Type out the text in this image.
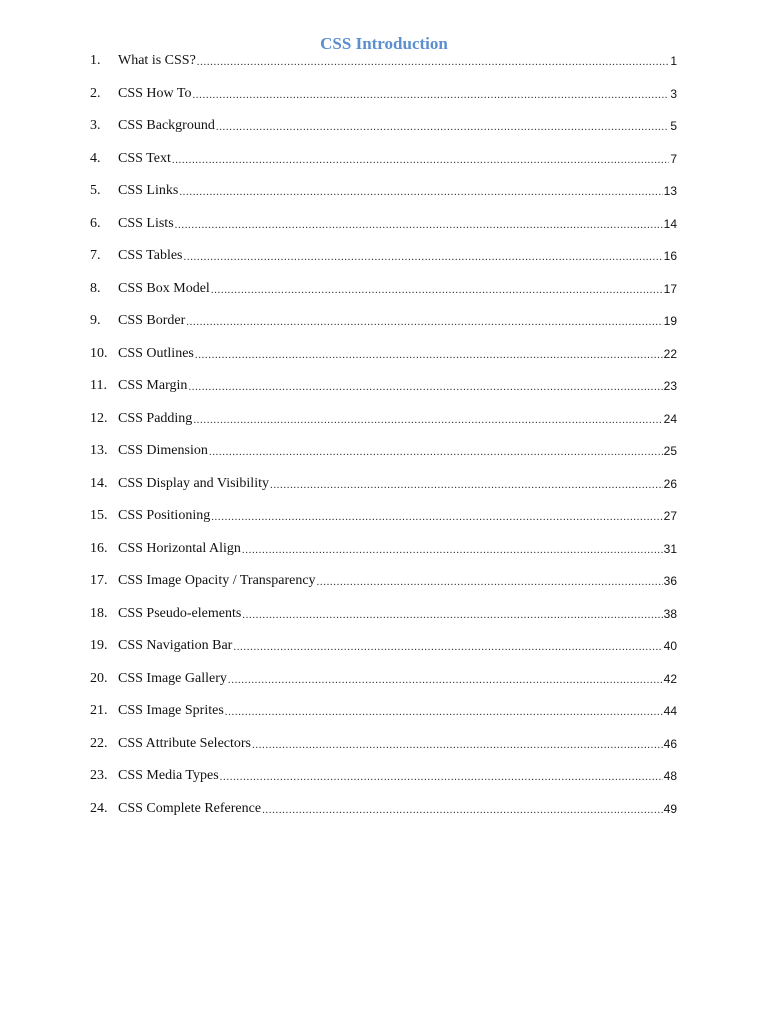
CSS Introduction
1.	What is CSS? .....	1
2.	CSS How To .....	3
3.	CSS Background .....	5
4.	CSS Text .....	7
5.	CSS Links .....	13
6.	CSS Lists .....	14
7.	CSS Tables .....	16
8.	CSS Box Model .....	17
9.	CSS Border .....	19
10. CSS Outlines .....	22
11. CSS Margin .....	23
12. CSS Padding .....	24
13. CSS Dimension .....	25
14. CSS Display and Visibility .....	26
15. CSS Positioning .....	27
16. CSS Horizontal Align .....	31
17. CSS Image Opacity / Transparency .....	36
18. CSS Pseudo-elements .....	38
19. CSS Navigation Bar .....	40
20. CSS Image Gallery .....	42
21. CSS Image Sprites .....	44
22. CSS Attribute Selectors .....	46
23. CSS Media Types .....	48
24. CSS Complete Reference .....	49
